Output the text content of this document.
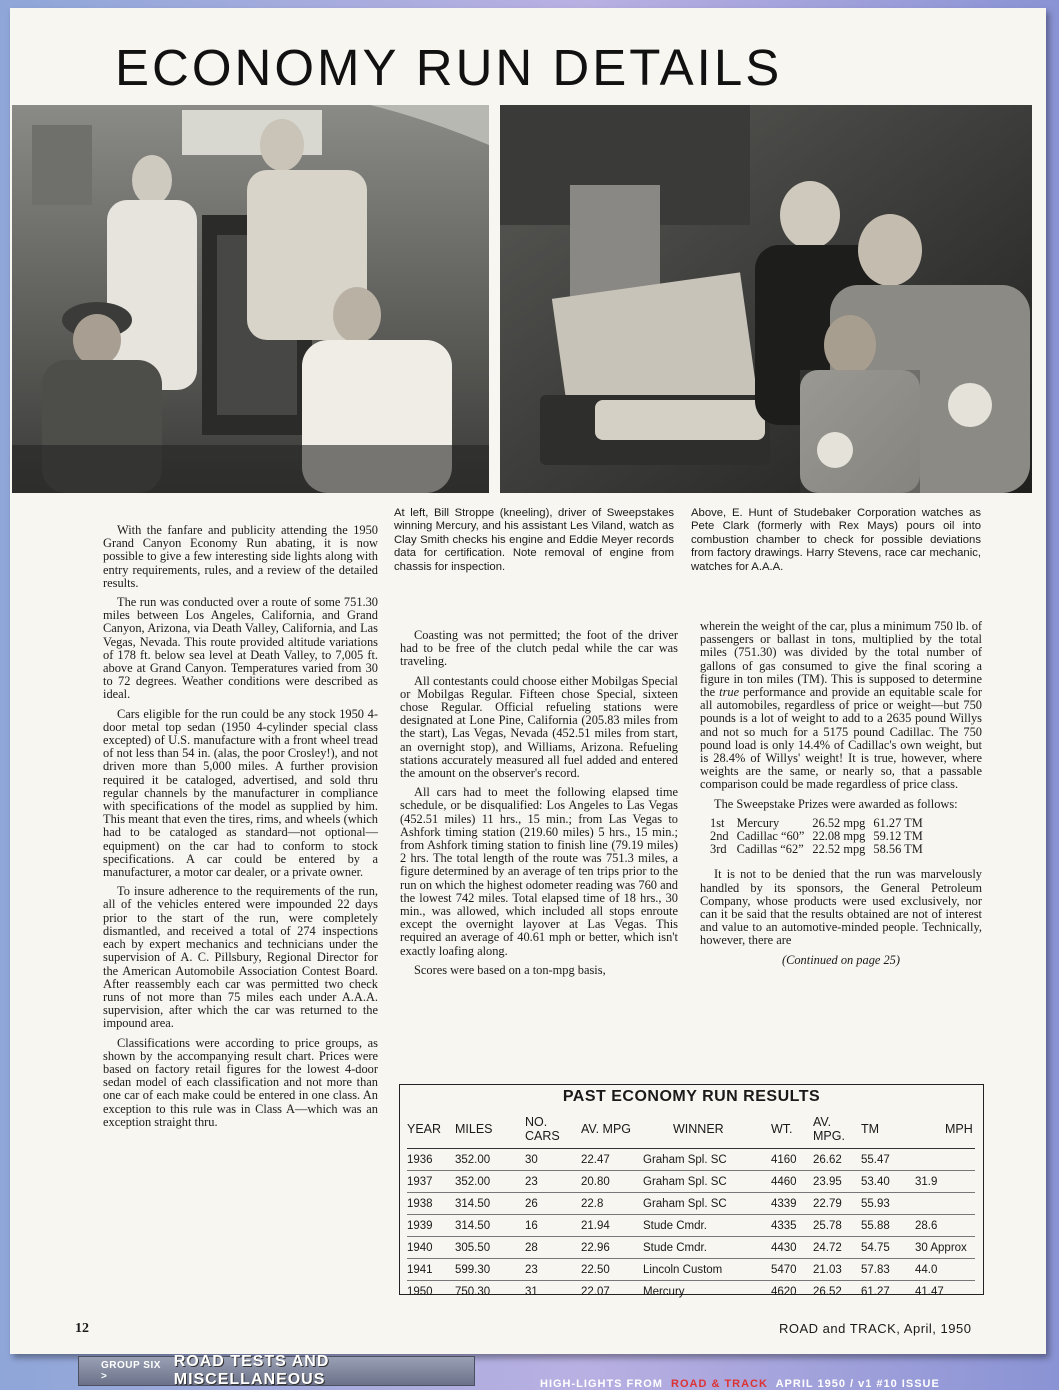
ECONOMY RUN DETAILS

At left, Bill Stroppe (kneeling), driver of Sweepstakes winning Mercury, and his assistant Les Viland, watch as Clay Smith checks his engine and Eddie Meyer records data for certification. Note removal of engine from chassis for inspection.

Above, E. Hunt of Studebaker Corporation watches as Pete Clark (formerly with Rex Mays) pours oil into combustion chamber to check for possible deviations from factory drawings. Harry Stevens, race car mechanic, watches for A.A.A.

With the fanfare and publicity attending the 1950 Grand Canyon Economy Run abating, it is now possible to give a few interesting side lights along with entry requirements, rules, and a review of the detailed results.

The run was conducted over a route of some 751.30 miles between Los Angeles, California, and Grand Canyon, Arizona, via Death Valley, California, and Las Vegas, Nevada. This route provided altitude variations of 178 ft. below sea level at Death Valley, to 7,005 ft. above at Grand Canyon. Temperatures varied from 30 to 72 degrees. Weather conditions were described as ideal.

Cars eligible for the run could be any stock 1950 4-door metal top sedan (1950 4-cylinder special class excepted) of U.S. manufacture with a front wheel tread of not less than 54 in. (alas, the poor Crosley!), and not driven more than 5,000 miles. A further provision required it be cataloged, advertised, and sold thru regular channels by the manufacturer in compliance with specifications of the model as supplied by him. This meant that even the tires, rims, and wheels (which had to be cataloged as standard—not optional—equipment) on the car had to conform to stock specifications. A car could be entered by a manufacturer, a motor car dealer, or a private owner.

To insure adherence to the requirements of the run, all of the vehicles entered were impounded 22 days prior to the start of the run, were completely dismantled, and received a total of 274 inspections each by expert mechanics and technicians under the supervision of A. C. Pillsbury, Regional Director for the American Automobile Association Contest Board. After reassembly each car was permitted two check runs of not more than 75 miles each under A.A.A. supervision, after which the car was returned to the impound area.

Classifications were according to price groups, as shown by the accompanying result chart. Prices were based on factory retail figures for the lowest 4-door sedan model of each classification and not more than one car of each make could be entered in one class. An exception to this rule was in Class A—which was an exception straight thru.

Coasting was not permitted; the foot of the driver had to be free of the clutch pedal while the car was traveling.

All contestants could choose either Mobilgas Special or Mobilgas Regular. Fifteen chose Special, sixteen chose Regular. Official refueling stations were designated at Lone Pine, California (205.83 miles from the start), Las Vegas, Nevada (452.51 miles from start, an overnight stop), and Williams, Arizona. Refueling stations accurately measured all fuel added and entered the amount on the observer's record.

All cars had to meet the following elapsed time schedule, or be disqualified: Los Angeles to Las Vegas (452.51 miles) 11 hrs., 15 min.; from Las Vegas to Ashfork timing station (219.60 miles) 5 hrs., 15 min.; from Ashfork timing station to finish line (79.19 miles) 2 hrs. The total length of the route was 751.3 miles, a figure determined by an average of ten trips prior to the run on which the highest odometer reading was 760 and the lowest 742 miles. Total elapsed time of 18 hrs., 30 min., was allowed, which included all stops enroute except the overnight layover at Las Vegas. This required an average of 40.61 mph or better, which isn't exactly loafing along.

Scores were based on a ton-mpg basis,

wherein the weight of the car, plus a minimum 750 lb. of passengers or ballast in tons, multiplied by the total miles (751.30) was divided by the total number of gallons of gas consumed to give the final scoring a figure in ton miles (TM). This is supposed to determine the true performance and provide an equitable scale for all automobiles, regardless of price or weight—but 750 pounds is a lot of weight to add to a 2635 pound Willys and not so much for a 5175 pound Cadillac. The 750 pound load is only 14.4% of Cadillac's own weight, but is 28.4% of Willys' weight! It is true, however, where weights are the same, or nearly so, that a passable comparison could be made regardless of price class.

The Sweepstake Prizes were awarded as follows:

1st	Mercury	26.52 mpg	61.27 TM
2nd	Cadillac “60”	22.08 mpg	59.12 TM
3rd	Cadillas “62”	22.52 mpg	58.56 TM

It is not to be denied that the run was marvelously handled by its sponsors, the General Petroleum Company, whose products were used exclusively, nor can it be said that the results obtained are not of interest and value to an automotive-minded people. Technically, however, there are

(Continued on page 25)
PAST ECONOMY RUN RESULTS
YEAR	MILES	NO. CARS	AV. MPG	WINNER	WT.	AV. MPG.	TM	MPH
1936	352.00	30	22.47	Graham Spl. SC	4160	26.62	55.47	
1937	352.00	23	20.80	Graham Spl. SC	4460	23.95	53.40	31.9
1938	314.50	26	22.8	Graham Spl. SC	4339	22.79	55.93	
1939	314.50	16	21.94	Stude Cmdr.	4335	25.78	55.88	28.6
1940	305.50	28	22.96	Stude Cmdr.	4430	24.72	54.75	30 Approx
1941	599.30	23	22.50	Lincoln Custom	5470	21.03	57.83	44.0
1950	750.30	31	22.07	Mercury	4620	26.52	61.27	41.47
12	ROAD and TRACK, April, 1950
GROUP SIX >
ROAD TESTS AND MISCELLANEOUS	HIGH-LIGHTS FROM ROAD & TRACK APRIL 1950 / v1 #10 ISSUE
